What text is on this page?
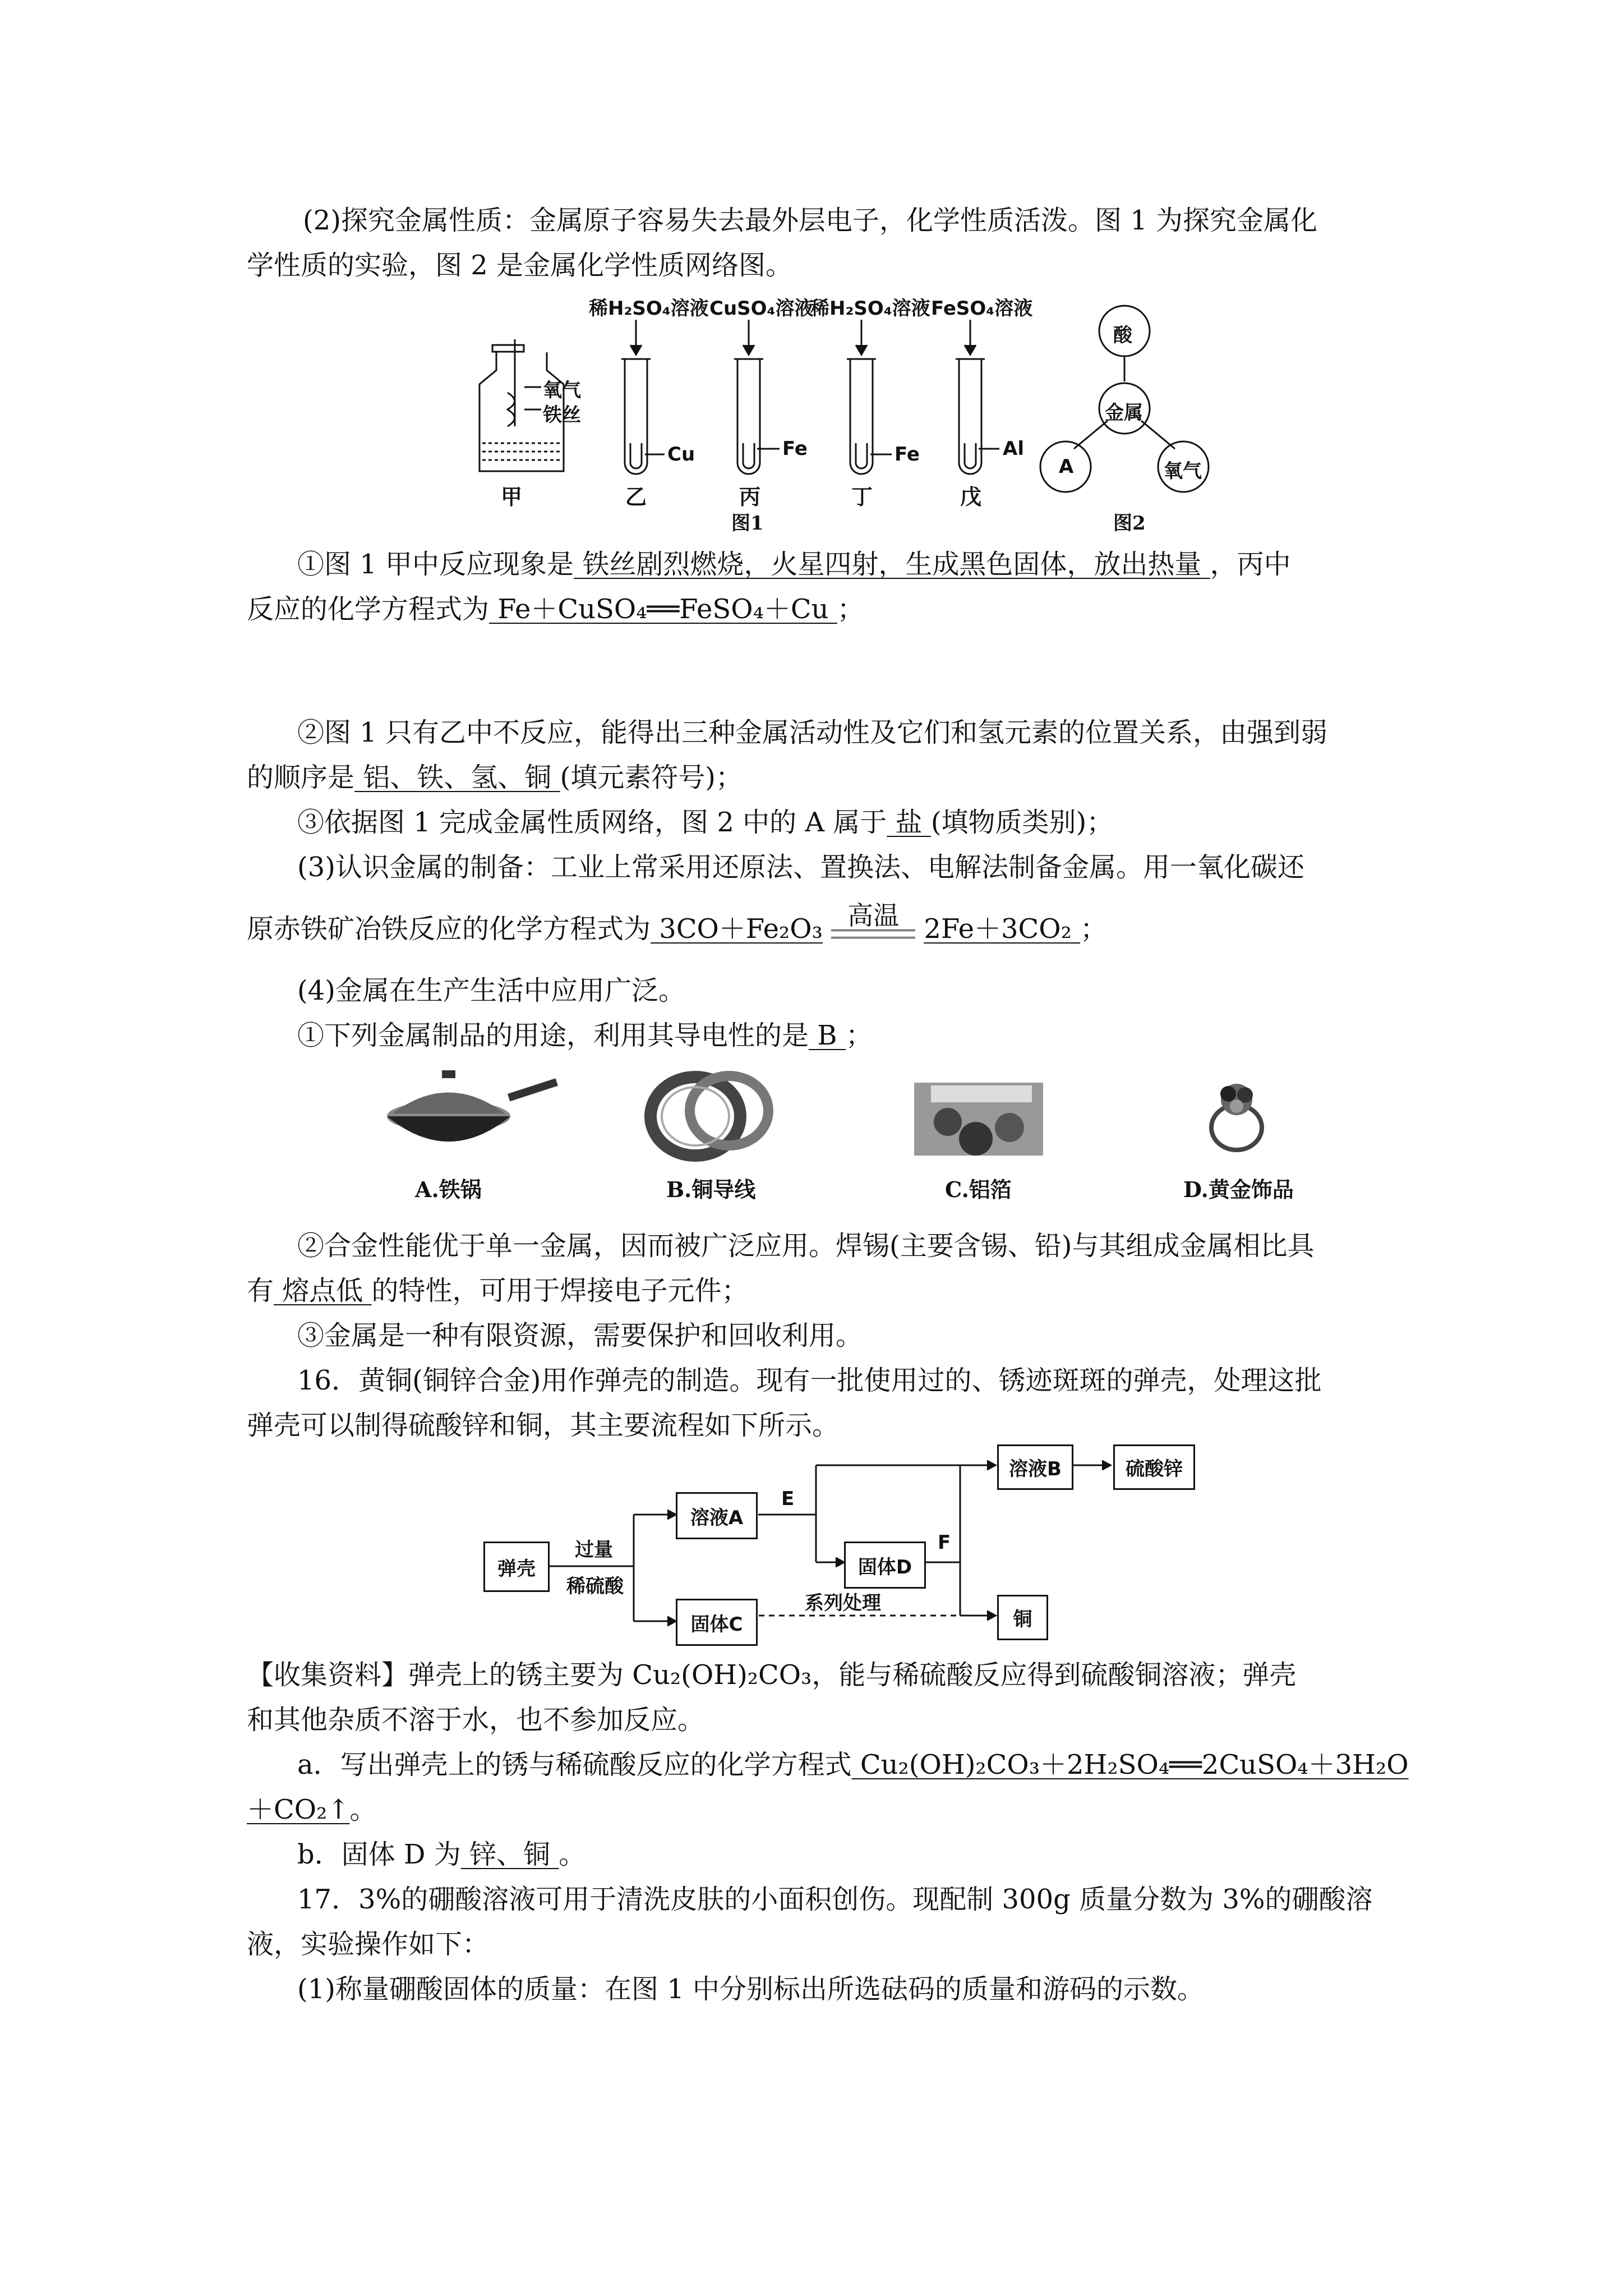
(2)探究金属性质：金属原子容易失去最外层电子，化学性质活泼。图 1 为探究金属化
学性质的实验，图 2 是金属化学性质网络图。
稀H₂SO₄溶液 CuSO₄溶液
稀H₂SO₄溶液 FeSO₄溶液
氧气
铁丝
Cu	Fe	Fe	Al
甲	乙	丙	丁	戊
图1
酸
金属
A	氧气
图2
①图 1 甲中反应现象是 铁丝剧烈燃烧，火星四射，生成黑色固体，放出热量 ，丙中
反应的化学方程式为 Fe＋CuSO₄══FeSO₄＋Cu ；
②图 1 只有乙中不反应，能得出三种金属活动性及它们和氢元素的位置关系，由强到弱
的顺序是 铝、铁、氢、铜 (填元素符号)；
③依据图 1 完成金属性质网络，图 2 中的 A 属于 盐 (填物质类别)；
(3)认识金属的制备：工业上常采用还原法、置换法、电解法制备金属。用一氧化碳还
原赤铁矿冶铁反应的化学方程式为 3CO＋Fe₂O₃ 高温 2Fe＋3CO₂ ；
(4)金属在生产生活中应用广泛。
①下列金属制品的用途，利用其导电性的是 B ；
A.铁锅	B.铜导线	C.铝箔	D.黄金饰品
②合金性能优于单一金属，因而被广泛应用。焊锡(主要含锡、铅)与其组成金属相比具
有 熔点低 的特性，可用于焊接电子元件；
③金属是一种有限资源，需要保护和回收利用。
16．黄铜(铜锌合金)用作弹壳的制造。现有一批使用过的、锈迹斑斑的弹壳，处理这批
弹壳可以制得硫酸锌和铜，其主要流程如下所示。
弹壳
过量
稀硫酸
溶液A
固体C
E
溶液B
固体D
F
硫酸锌
铜
系列处理
【收集资料】弹壳上的锈主要为 Cu₂(OH)₂CO₃，能与稀硫酸反应得到硫酸铜溶液；弹壳
和其他杂质不溶于水，也不参加反应。
a．写出弹壳上的锈与稀硫酸反应的化学方程式 Cu₂(OH)₂CO₃＋2H₂SO₄══2CuSO₄＋3H₂O
＋CO₂↑。
b．固体 D 为 锌、铜 。
17．3%的硼酸溶液可用于清洗皮肤的小面积创伤。现配制 300g 质量分数为 3%的硼酸溶
液，实验操作如下：
(1)称量硼酸固体的质量：在图 1 中分别标出所选砝码的质量和游码的示数。
